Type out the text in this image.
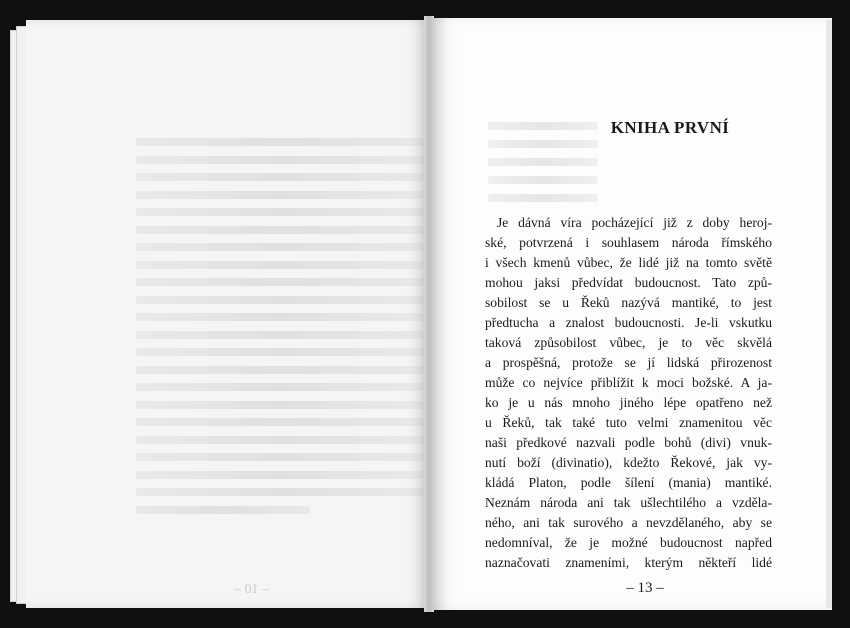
– 10 –
KNIHA PRVNÍ
Je dávná víra pocházející již z doby heroj-
ské, potvrzená i souhlasem národa římského
i všech kmenů vůbec, že lidé již na tomto světě
mohou jaksi předvídat budoucnost. Tato způ-
sobilost se u Řeků nazývá mantiké, to jest
předtucha a znalost budoucnosti. Je-li vskutku
taková způsobilost vůbec, je to věc skvělá
a prospěšná, protože se jí lidská přirozenost
může co nejvíce přiblížit k moci božské. A ja-
ko je u nás mnoho jiného lépe opatřeno než
u Řeků, tak také tuto velmi znamenitou věc
naši předkové nazvali podle bohů (divi) vnuk-
nutí boží (divinatio), kdežto Řekové, jak vy-
kládá Platon, podle šílení (mania) mantiké.
Neznám národa ani tak ušlechtilého a vzděla-
ného, ani tak surového a nevzdělaného, aby se
nedomníval, že je možné budoucnost napřed
naznačovati znameními, kterým někteří lidé
– 13 –
